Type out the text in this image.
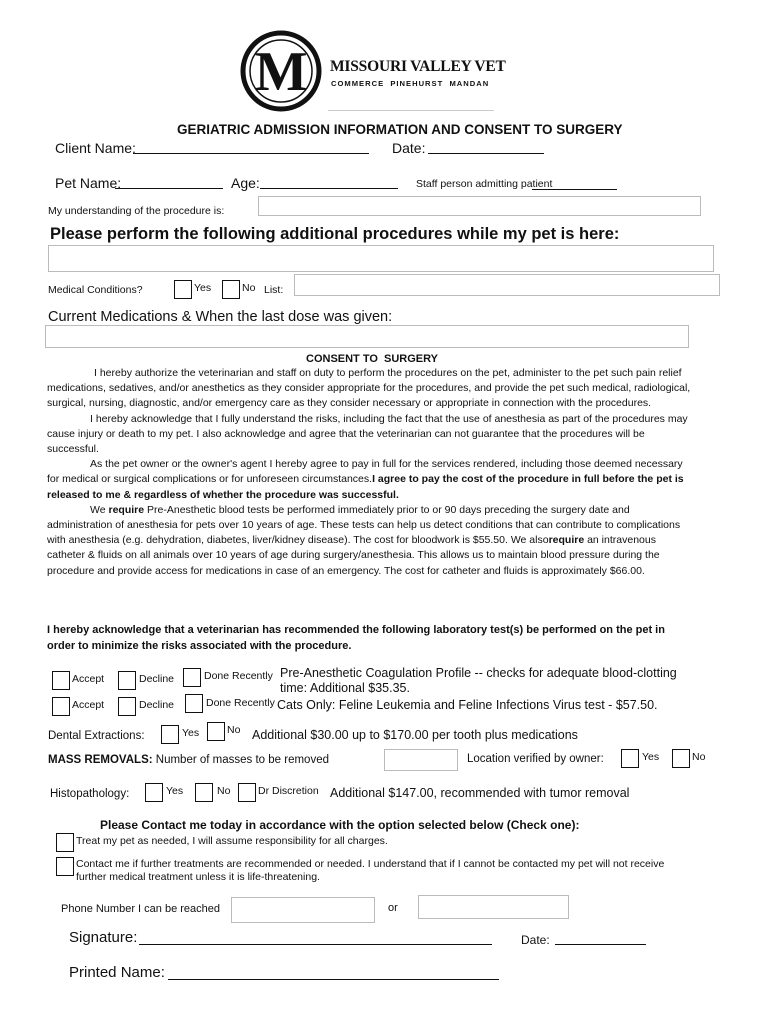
M MISSOURI VALLEY VET
COMMERCE  PINEHURST  MANDAN
GERIATRIC ADMISSION INFORMATION AND CONSENT TO SURGERY
Client Name:	Date:
Pet Name:	Age:	Staff person admitting patient
My understanding of the procedure is:
Please perform the following additional procedures while my pet is here:
Medical Conditions?	Yes	No List:
Current Medications & When the last dose was given:
CONSENT TO  SURGERY

I hereby authorize the veterinarian and staff on duty to perform the procedures on the pet, administer to the pet such pain relief medications, sedatives, and/or anesthetics as they consider appropriate for the procedures, and provide the pet such medical, radiological, surgical, nursing, diagnostic, and/or emergency care as they consider necessary or appropriate in connection with the procedures.

I hereby acknowledge that I fully understand the risks, including the fact that the use of anesthesia as part of the procedures may cause injury or death to my pet. I also acknowledge and agree that the veterinarian can not guarantee that the procedures will be successful.

As the pet owner or the owner's agent I hereby agree to pay in full for the services rendered, including those deemed necessary for medical or surgical complications or for unforeseen circumstances.I agree to pay the cost of the procedure in full before the pet is released to me & regardless of whether the procedure was successful.

We require Pre-Anesthetic blood tests be performed immediately prior to or 90 days preceding the surgery date and administration of anesthesia for pets over 10 years of age. These tests can help us detect conditions that can contribute to complications with anesthesia (e.g. dehydration, diabetes, liver/kidney disease). The cost for bloodwork is $55.50. We alsorequire an intravenous catheter & fluids on all animals over 10 years of age during surgery/anesthesia. This allows us to maintain blood pressure during the procedure and provide access for medications in case of an emergency. The cost for catheter and fluids is approximately $66.00.

I hereby acknowledge that a veterinarian has recommended the following laboratory test(s) be performed on the pet in order to minimize the risks associated with the procedure.
Accept	Decline	Done Recently Pre-Anesthetic Coagulation Profile -- checks for adequate blood-clotting time: Additional $35.35.
Accept	Decline	Done Recently Cats Only: Feline Leukemia and Feline Infections Virus test - $57.50.
Dental Extractions:	Yes	No Additional $30.00 up to $170.00 per tooth plus medications
MASS REMOVALS: Number of masses to be removed	Location verified by owner:	Yes	No
Histopathology:	Yes	No	Dr Discretion Additional $147.00, recommended with tumor removal
Please Contact me today in accordance with the option selected below (Check one):
Treat my pet as needed, I will assume responsibility for all charges.
Contact me if further treatments are recommended or needed. I understand that if I cannot be contacted my pet will not receive further medical treatment unless it is life-threatening.
Phone Number I can be reached	or
Signature:	Date:
Printed Name:
